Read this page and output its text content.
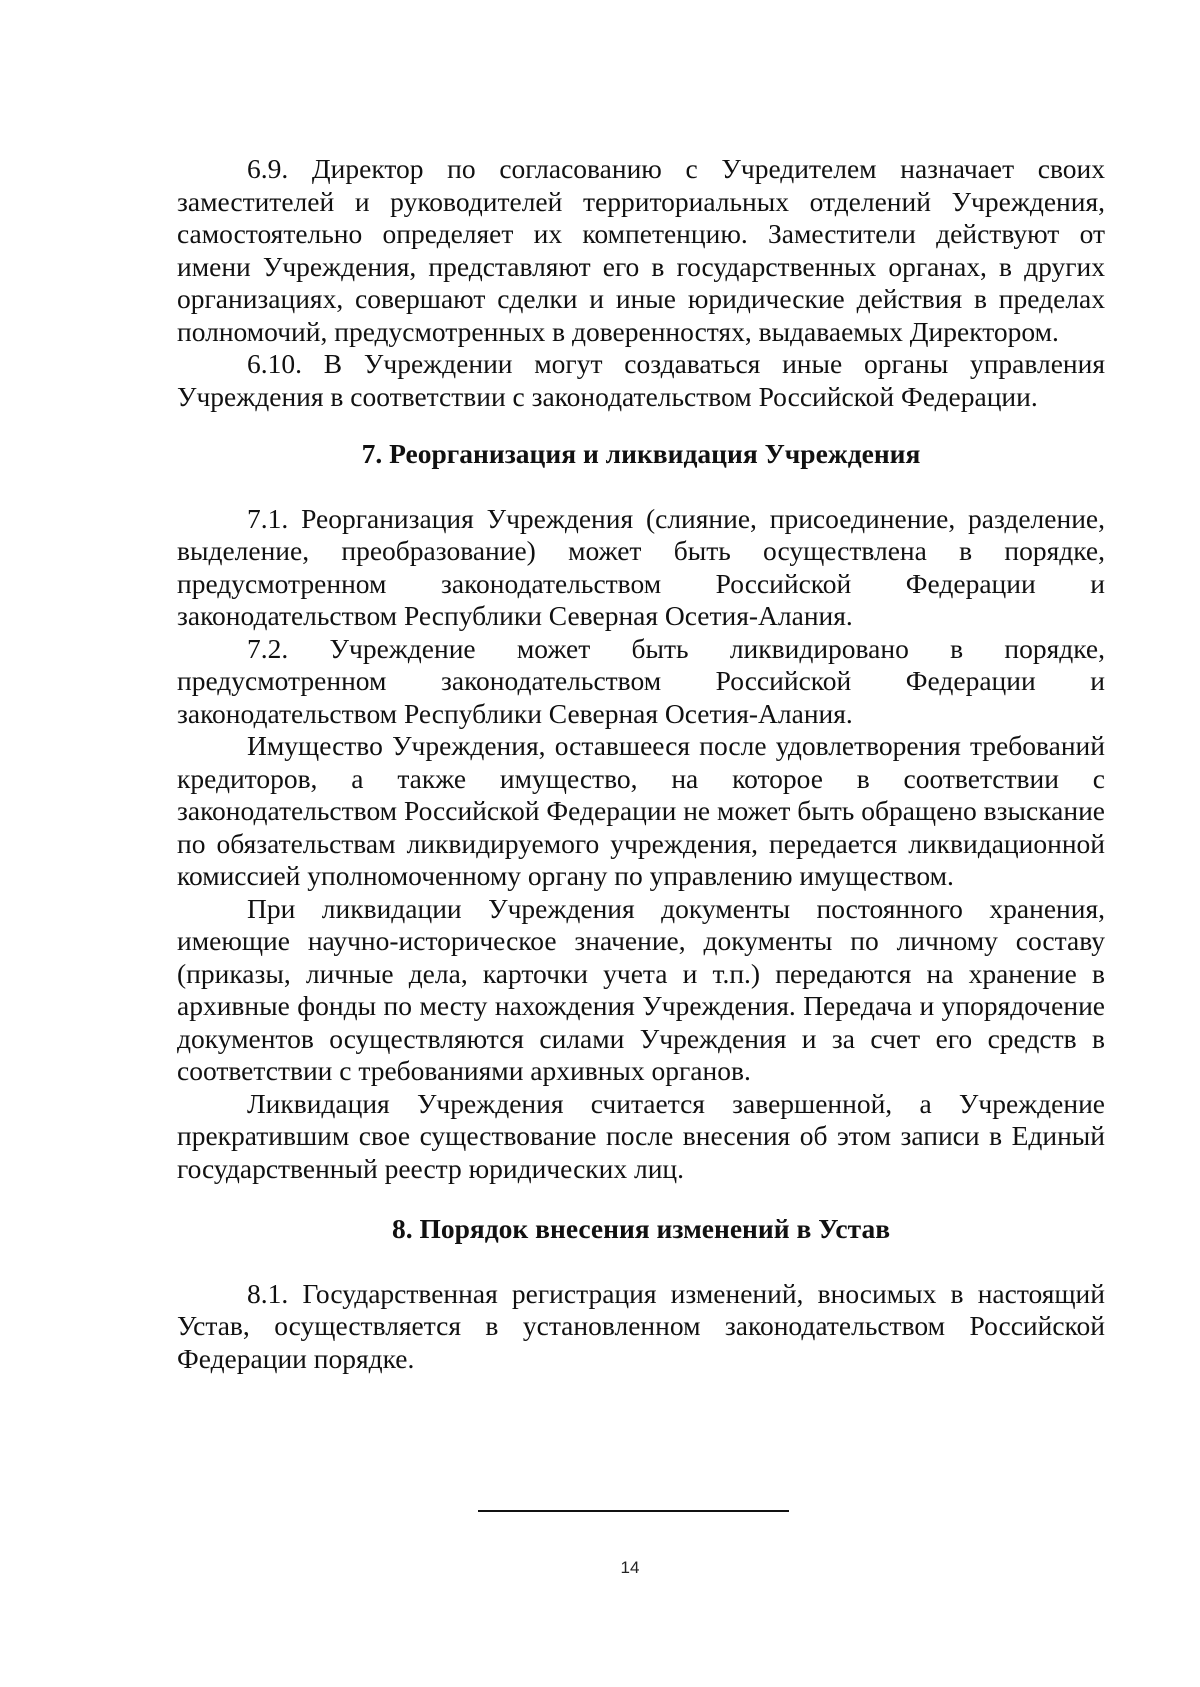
6.9. Директор по согласованию с Учредителем назначает своих заместителей и руководителей территориальных отделений Учреждения, самостоятельно определяет их компетенцию. Заместители действуют от имени Учреждения, представляют его в государственных органах, в других организациях, совершают сделки и иные юридические действия в пределах полномочий, предусмотренных в доверенностях, выдаваемых Директором.

6.10. В Учреждении могут создаваться иные органы управления Учреждения в соответствии с законодательством Российской Федерации.

7. Реорганизация и ликвидация Учреждения

7.1. Реорганизация Учреждения (слияние, присоединение, разделение, выделение, преобразование) может быть осуществлена в порядке, предусмотренном законодательством Российской Федерации и законодательством Республики Северная Осетия-Алания.

7.2. Учреждение может быть ликвидировано в порядке, предусмотренном законодательством Российской Федерации и законодательством Республики Северная Осетия-Алания.

Имущество Учреждения, оставшееся после удовлетворения требований кредиторов, а также имущество, на которое в соответствии с законодательством Российской Федерации не может быть обращено взыскание по обязательствам ликвидируемого учреждения, передается ликвидационной комиссией уполномоченному органу по управлению имуществом.

При ликвидации Учреждения документы постоянного хранения, имеющие научно-историческое значение, документы по личному составу (приказы, личные дела, карточки учета и т.п.) передаются на хранение в архивные фонды по месту нахождения Учреждения. Передача и упорядочение документов осуществляются силами Учреждения и за счет его средств в соответствии с требованиями архивных органов.

Ликвидация Учреждения считается завершенной, а Учреждение прекратившим свое существование после внесения об этом записи в Единый государственный реестр юридических лиц.

8. Порядок внесения изменений в Устав

8.1. Государственная регистрация изменений, вносимых в настоящий Устав, осуществляется в установленном законодательством Российской Федерации порядке.

14
